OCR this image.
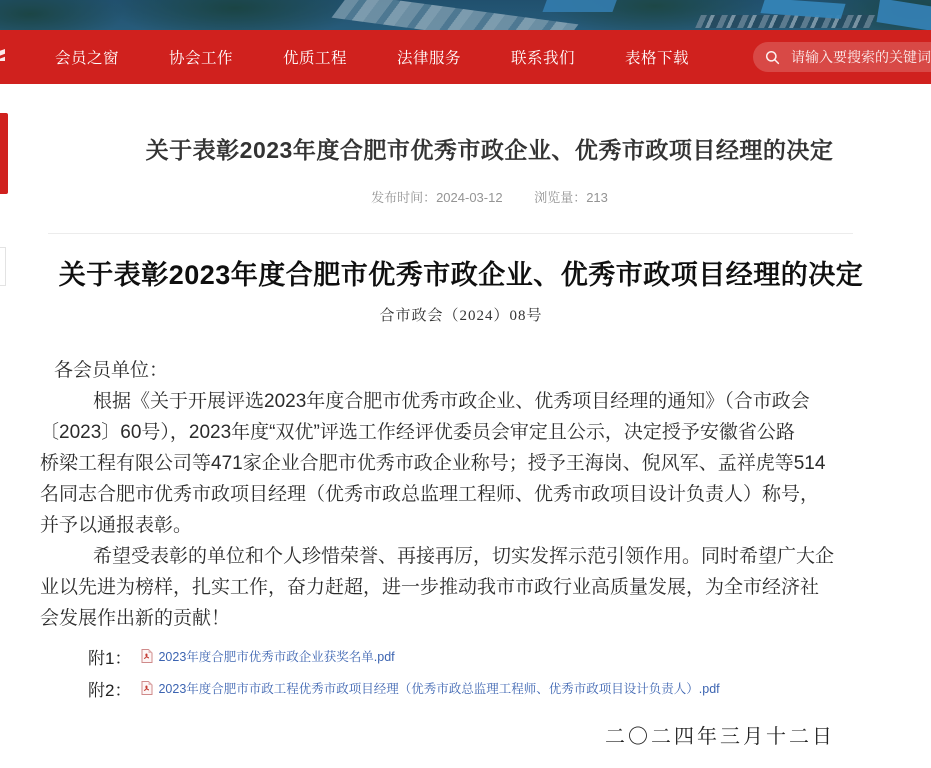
会员之窗	协会工作	优质工程	法律服务	联系我们	表格下载
请输入要搜索的关键词
关于表彰2023年度合肥市优秀市政企业、优秀市政项目经理的决定
发布时间：2024-03-12 浏览量：213
关于表彰2023年度合肥市优秀市政企业、优秀市政项目经理的决定
合市政会（2024）08号
各会员单位：
根据《关于开展评选2023年度合肥市优秀市政企业、优秀项目经理的通知》（合市政会
〔2023〕60号），2023年度“双优”评选工作经评优委员会审定且公示，决定授予安徽省公路
桥梁工程有限公司等471家企业合肥市优秀市政企业称号；授予王海岗、倪风军、孟祥虎等514
名同志合肥市优秀市政项目经理（优秀市政总监理工程师、优秀市政项目设计负责人）称号，
并予以通报表彰。
希望受表彰的单位和个人珍惜荣誉、再接再厉，切实发挥示范引领作用。同时希望广大企
业以先进为榜样，扎实工作，奋力赶超，进一步推动我市市政行业高质量发展，为全市经济社
会发展作出新的贡献！
附1： 2023年度合肥市优秀市政企业获奖名单.pdf
附2： 2023年度合肥市市政工程优秀市政项目经理（优秀市政总监理工程师、优秀市政项目设计负责人）.pdf
二〇二四年三月十二日
